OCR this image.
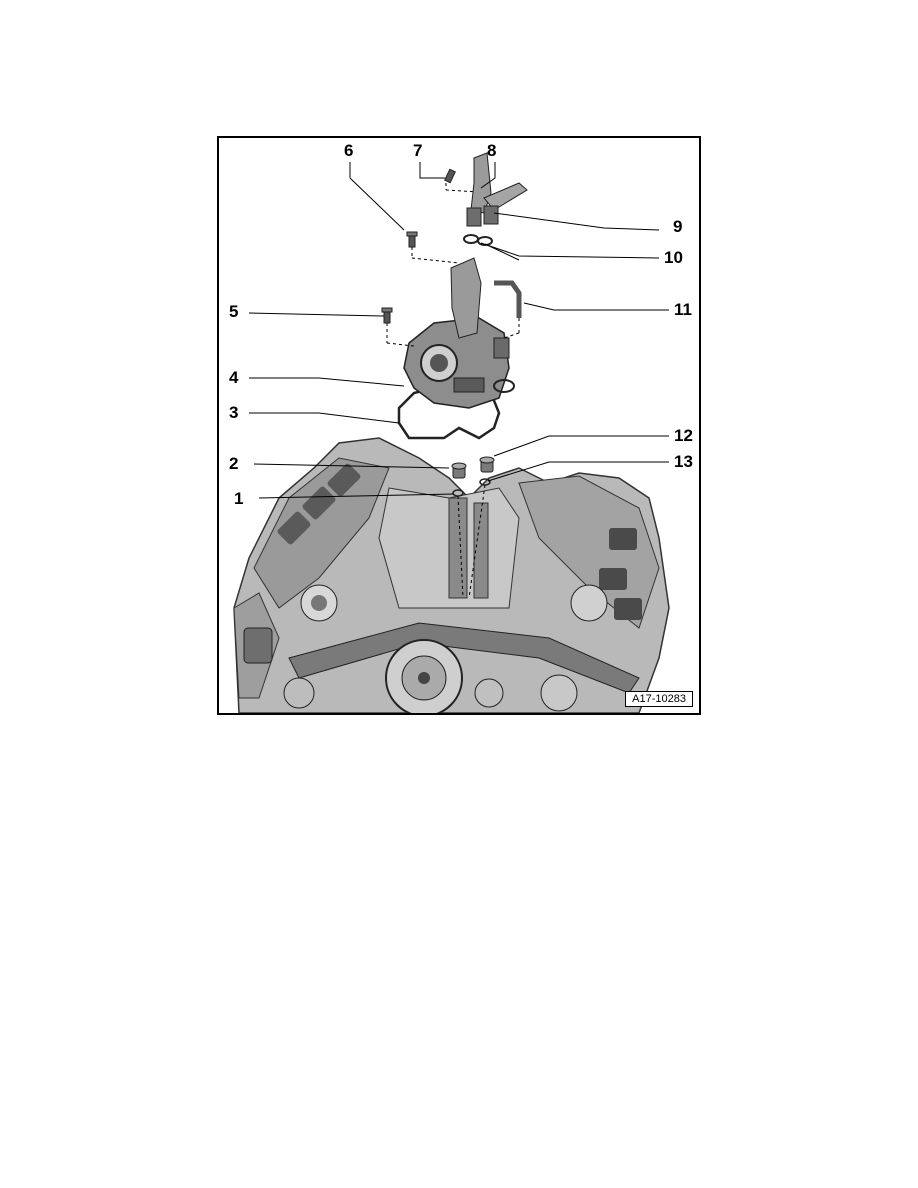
6	7	8
9
10
11
5
4
3
12
2	13
1
A17-10283
